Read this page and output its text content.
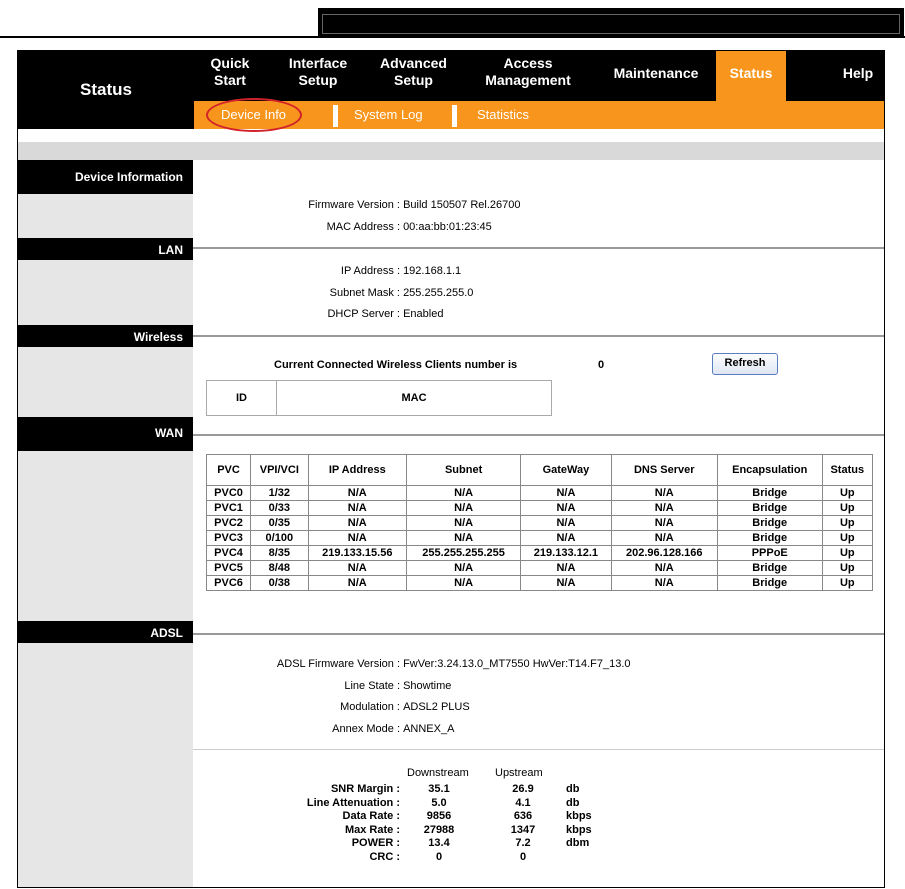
Status
Quick
Start
Interface
Setup
Advanced
Setup
Access
Management	Maintenance	Status	Help
Device Info	System Log	Statistics
Device Information
Firmware Version : Build 150507 Rel.26700
MAC Address : 00:aa:bb:01:23:45
LAN
IP Address : 192.168.1.1
Subnet Mask : 255.255.255.0
DHCP Server : Enabled
Wireless
Current Connected Wireless Clients number is	0	Refresh
ID	MAC
WAN
PVC	VPI/VCI	IP Address	Subnet	GateWay	DNS Server	Encapsulation	Status
PVC0	1/32	N/A	N/A	N/A	N/A	Bridge	Up
PVC1	0/33	N/A	N/A	N/A	N/A	Bridge	Up
PVC2	0/35	N/A	N/A	N/A	N/A	Bridge	Up
PVC3	0/100	N/A	N/A	N/A	N/A	Bridge	Up
PVC4	8/35	219.133.15.56	255.255.255.255	219.133.12.1	202.96.128.166	PPPoE	Up
PVC5	8/48	N/A	N/A	N/A	N/A	Bridge	Up
PVC6	0/38	N/A	N/A	N/A	N/A	Bridge	Up
ADSL
ADSL Firmware Version : FwVer:3.24.13.0_MT7550 HwVer:T14.F7_13.0
Line State : Showtime
Modulation : ADSL2 PLUS
Annex Mode : ANNEX_A
Downstream Upstream
SNR Margin :	35.1	26.9	db
Line Attenuation :	5.0	4.1	db
Data Rate :	9856	636	kbps
Max Rate :	27988	1347	kbps
POWER :	13.4	7.2	dbm
CRC :	0	0
